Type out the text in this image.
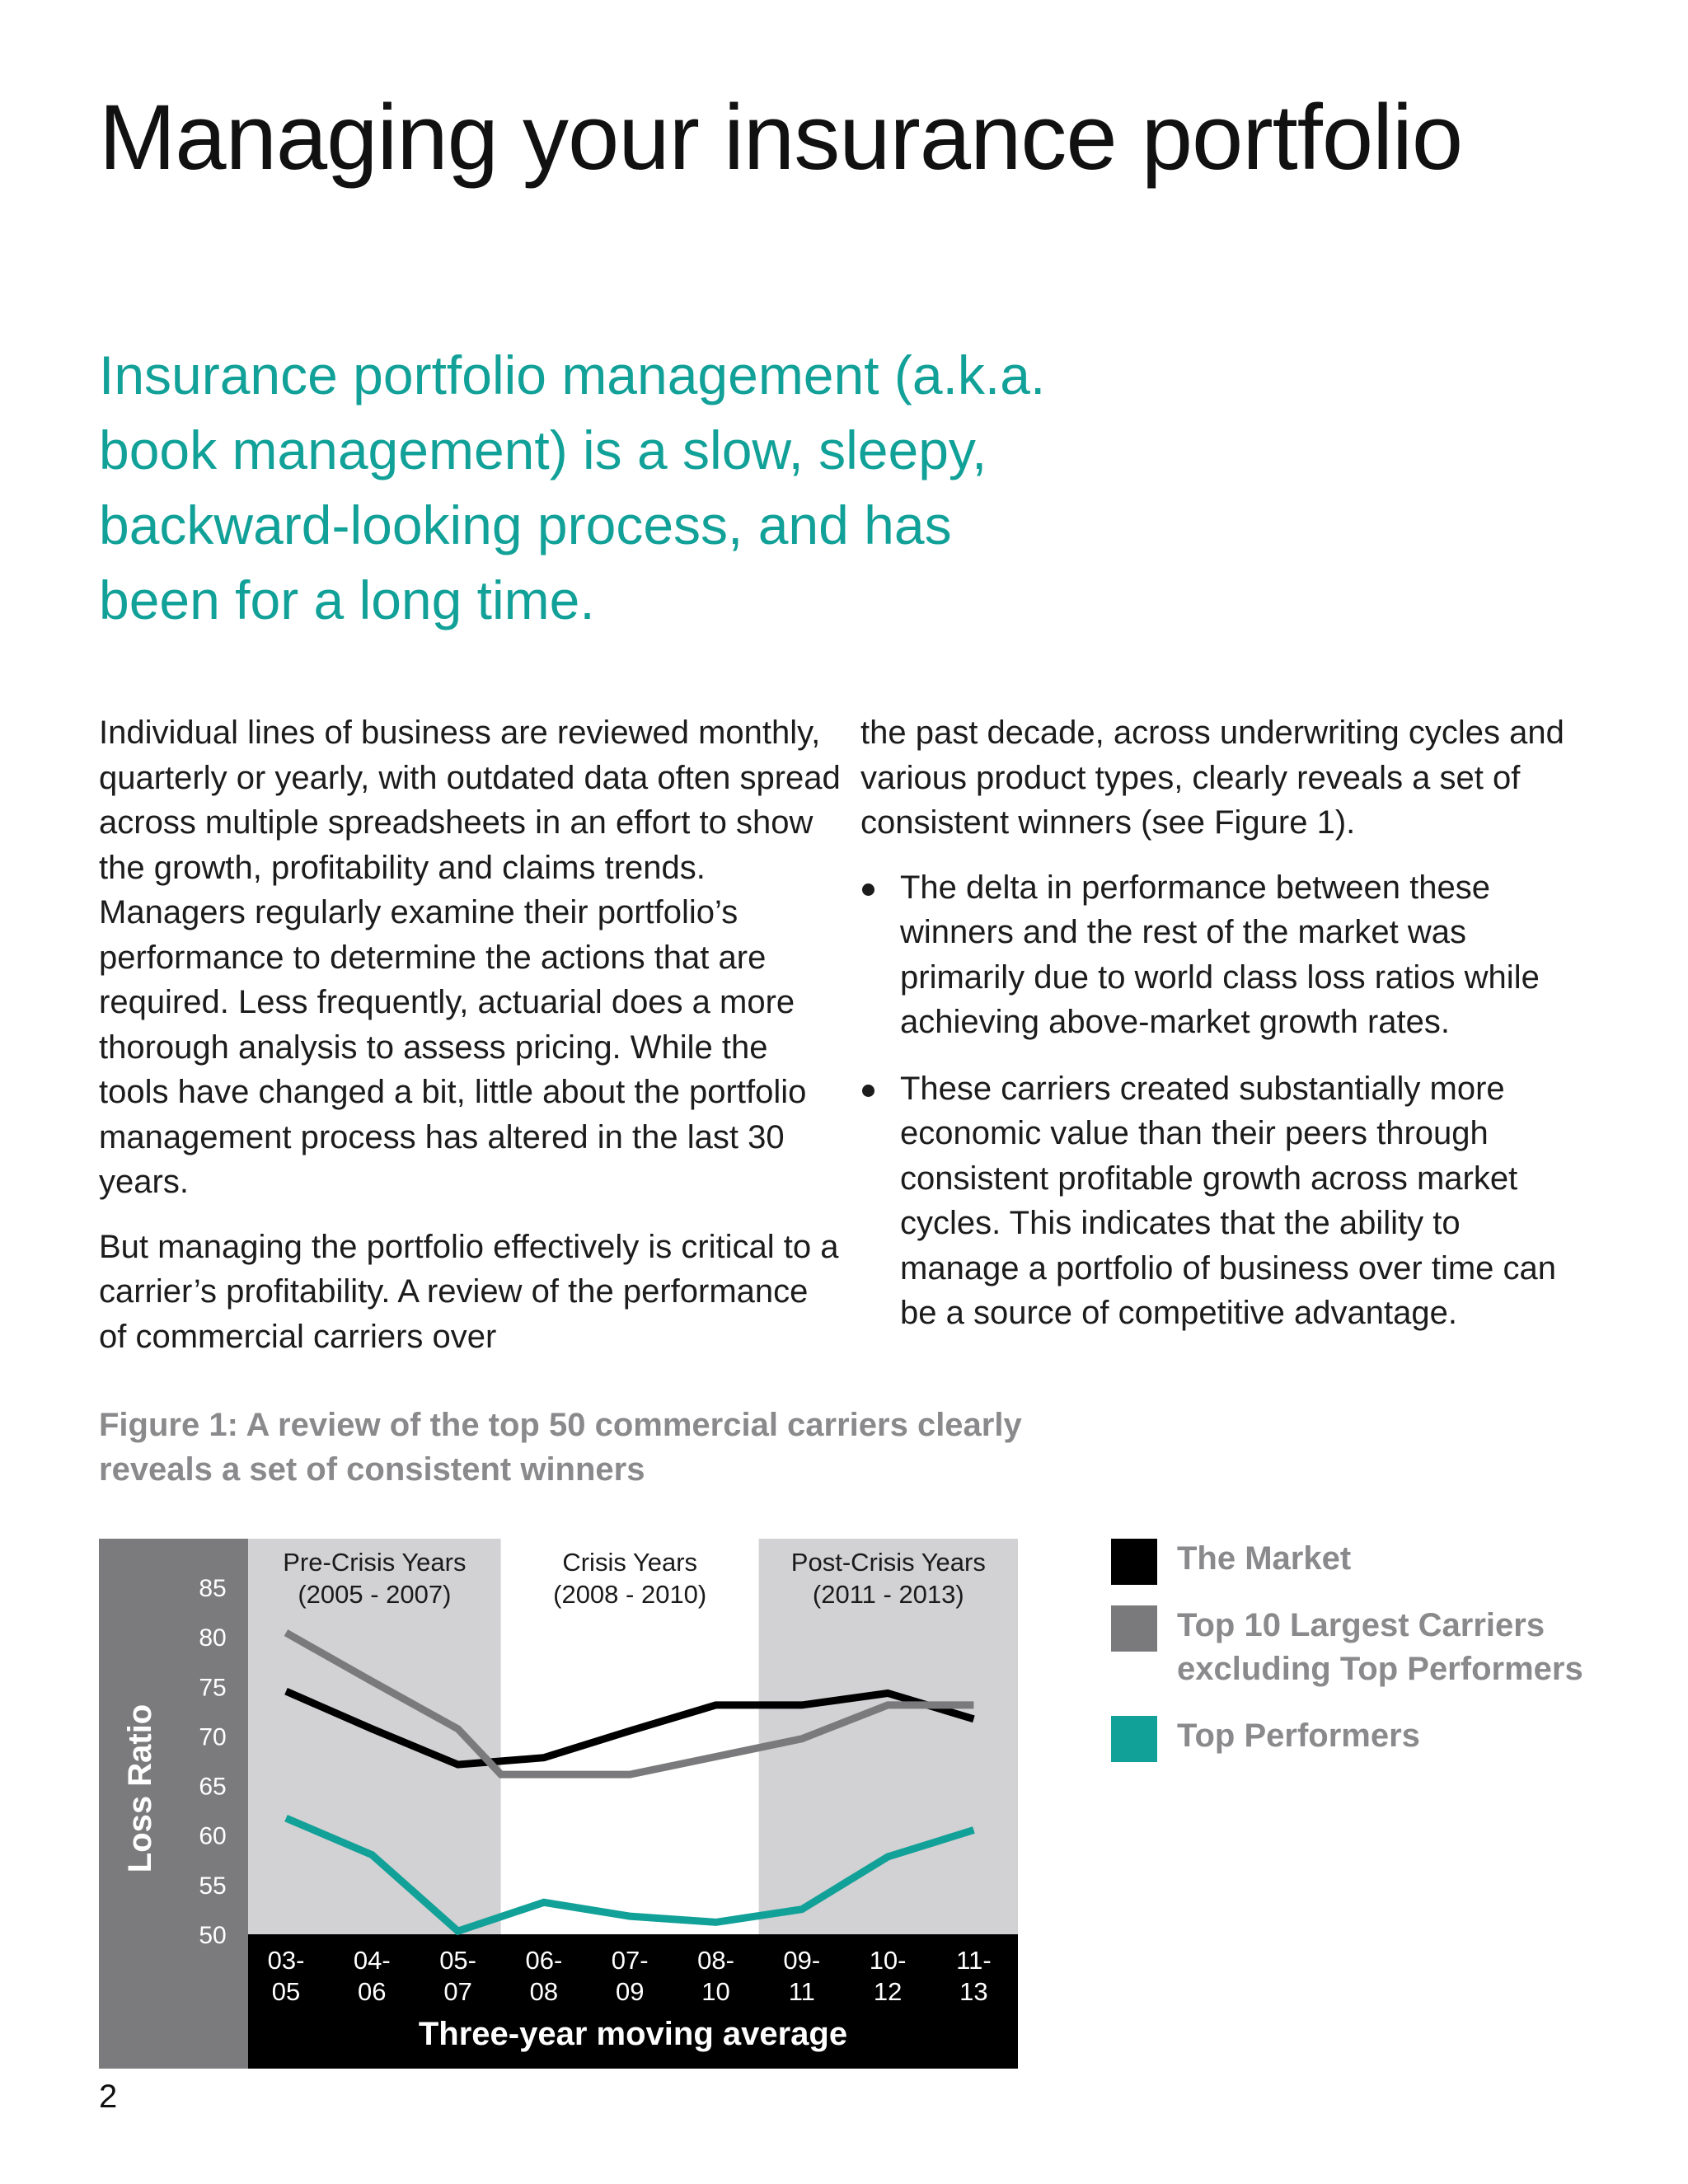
Managing your insurance portfolio

Insurance portfolio management (a.k.a. book management) is a slow, sleepy, backward-looking process, and has been for a long time.

Individual lines of business are reviewed monthly, quarterly or yearly, with outdated data often spread across multiple spreadsheets in an effort to show the growth, profitability and claims trends. Managers regularly examine their portfolio’s performance to determine the actions that are required. Less frequently, actuarial does a more thorough analysis to assess pricing. While the tools have changed a bit, little about the portfolio management process has altered in the last 30 years.

But managing the portfolio effectively is critical to a carrier’s profitability. A review of the performance of commercial carriers over

the past decade, across underwriting cycles and various product types, clearly reveals a set of consistent winners (see Figure 1).

The delta in performance between these winners and the rest of the market was primarily due to world class loss ratios while achieving above-market growth rates.
These carriers created substantially more economic value than their peers through consistent profitable growth across market cycles. This indicates that the ability to manage a portfolio of business over time can be a source of competitive advantage.

Figure 1: A review of the top 50 commercial carriers clearly reveals a set of consistent winners

Pre-Crisis Years
(2005 - 2007)
Crisis Years
(2008 - 2010)
Post-Crisis Years
(2011 - 2013)
85
80
75
70
65
60
55
50
Loss Ratio
03-
05
04-
06
05-
07
06-
08
07-
09
08-
10
09-
11
10-
12
11-
13
Three-year moving average
The Market
Top 10 Largest Carriers excluding Top Performers
Top Performers
2
